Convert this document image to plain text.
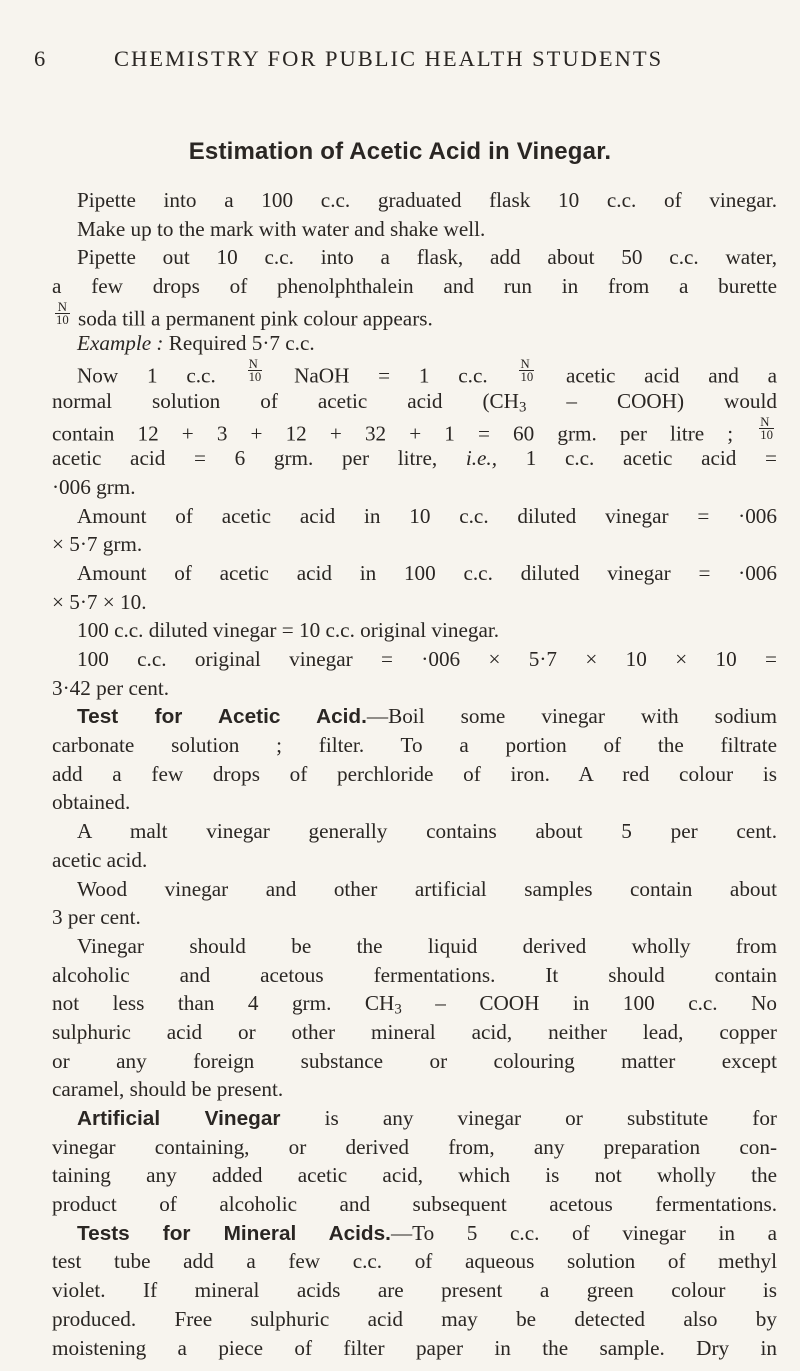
6	CHEMISTRY FOR PUBLIC HEALTH STUDENTS
Estimation of Acetic Acid in Vinegar.
Pipette into a 100 c.c. graduated flask 10 c.c. of vinegar.
Make up to the mark with water and shake well.
Pipette out 10 c.c. into a flask, add about 50 c.c. water,
a few drops of phenolphthalein and run in from a burette
$\frac{N}{10}$ soda till a permanent pink colour appears.
Example : Required 5·7 c.c.
Now 1 c.c. $\frac{N}{10}$ NaOH = 1 c.c. $\frac{N}{10}$ acetic acid and a
normal solution of acetic acid ($CH_3$ – COOH) would
contain 12 + 3 + 12 + 32 + 1 = 60 grm. per litre ; $\frac{N}{10}$
acetic acid = 6 grm. per litre, i.e., 1 c.c. acetic acid =
·006 grm.
Amount of acetic acid in 10 c.c. diluted vinegar = ·006
× 5·7 grm.
Amount of acetic acid in 100 c.c. diluted vinegar = ·006
× 5·7 × 10.
100 c.c. diluted vinegar = 10 c.c. original vinegar.
100 c.c. original vinegar = ·006 × 5·7 × 10 × 10 =
3·42 per cent.
Test for Acetic Acid.—Boil some vinegar with sodium
carbonate solution ; filter. To a portion of the filtrate
add a few drops of perchloride of iron. A red colour is
obtained.
A malt vinegar generally contains about 5 per cent.
acetic acid.
Wood vinegar and other artificial samples contain about
3 per cent.
Vinegar should be the liquid derived wholly from
alcoholic and acetous fermentations. It should contain
not less than 4 grm. $CH_3$ – COOH in 100 c.c. No
sulphuric acid or other mineral acid, neither lead, copper
or any foreign substance or colouring matter except
caramel, should be present.
Artificial Vinegar is any vinegar or substitute for
vinegar containing, or derived from, any preparation con-
taining any added acetic acid, which is not wholly the
product of alcoholic and subsequent acetous fermentations.
Tests for Mineral Acids.—To 5 c.c. of vinegar in a
test tube add a few c.c. of aqueous solution of methyl
violet. If mineral acids are present a green colour is
produced. Free sulphuric acid may be detected also by
moistening a piece of filter paper in the sample. Dry in
